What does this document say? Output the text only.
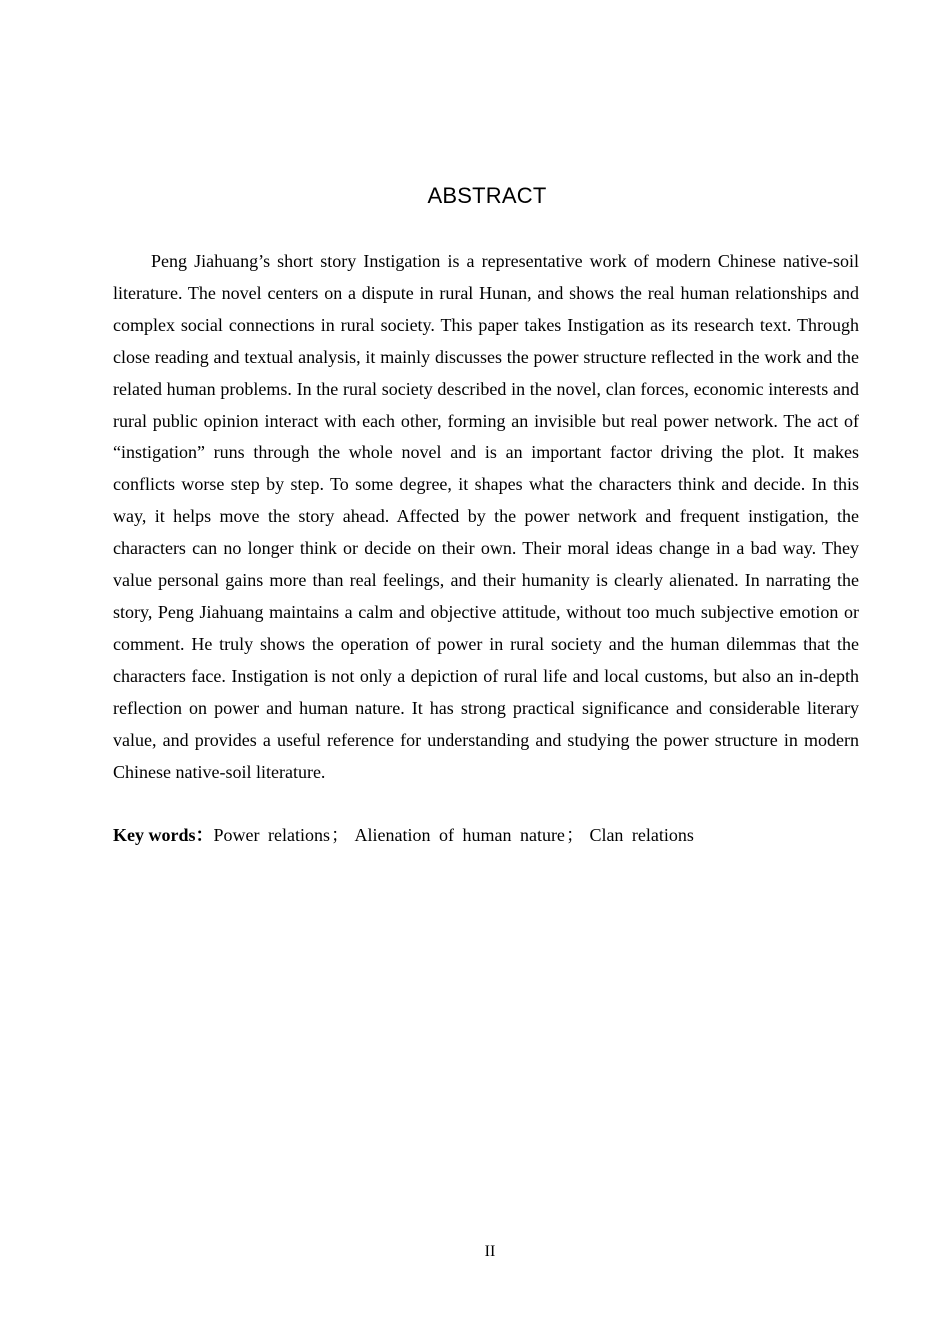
ABSTRACT

Peng Jiahuang’s short story Instigation is a representative work of modern Chinese native-soil literature. The novel centers on a dispute in rural Hunan, and shows the real human relationships and complex social connections in rural society. This paper takes Instigation as its research text. Through close reading and textual analysis, it mainly discusses the power structure reflected in the work and the related human problems. In the rural society described in the novel, clan forces, economic interests and rural public opinion interact with each other, forming an invisible but real power network. The act of “instigation” runs through the whole novel and is an important factor driving the plot. It makes conflicts worse step by step. To some degree, it shapes what the characters think and decide. In this way, it helps move the story ahead. Affected by the power network and frequent instigation, the characters can no longer think or decide on their own. Their moral ideas change in a bad way. They value personal gains more than real feelings, and their humanity is clearly alienated. In narrating the story, Peng Jiahuang maintains a calm and objective attitude, without too much subjective emotion or comment. He truly shows the operation of power in rural society and the human dilemmas that the characters face. Instigation is not only a depiction of rural life and local customs, but also an in-depth reflection on power and human nature. It has strong practical significance and considerable literary value, and provides a useful reference for understanding and studying the power structure in modern Chinese native-soil literature.

Key words：Power relations； Alienation of human nature； Clan relations
II
